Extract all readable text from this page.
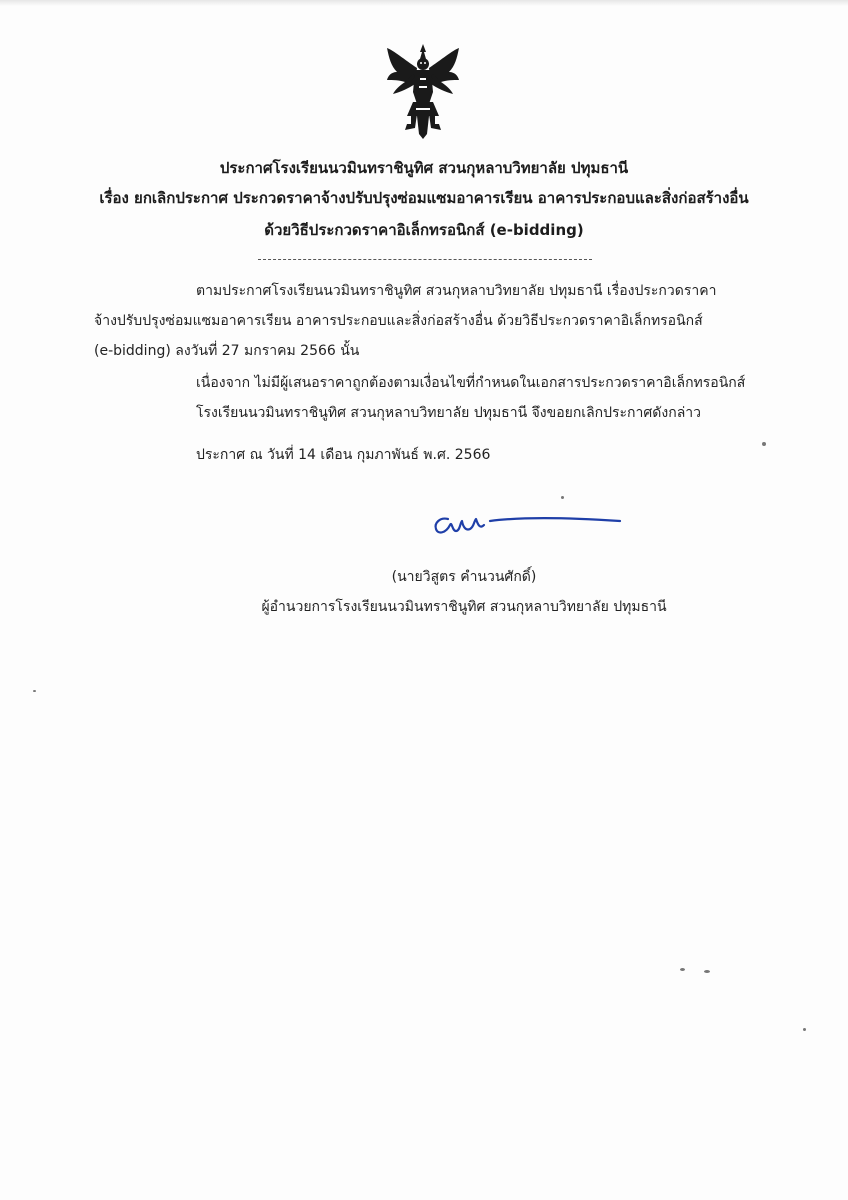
ประกาศโรงเรียนนวมินทราชินูทิศ สวนกุหลาบวิทยาลัย ปทุมธานี
เรื่อง ยกเลิกประกาศ ประกวดราคาจ้างปรับปรุงซ่อมแซมอาคารเรียน อาคารประกอบและสิ่งก่อสร้างอื่น
ด้วยวิธีประกวดราคาอิเล็กทรอนิกส์ (e-bidding)
ตามประกาศโรงเรียนนวมินทราชินูทิศ สวนกุหลาบวิทยาลัย ปทุมธานี เรื่องประกวดราคา
จ้างปรับปรุงซ่อมแซมอาคารเรียน อาคารประกอบและสิ่งก่อสร้างอื่น ด้วยวิธีประกวดราคาอิเล็กทรอนิกส์
(e-bidding) ลงวันที่ 27 มกราคม 2566 นั้น
เนื่องจาก ไม่มีผู้เสนอราคาถูกต้องตามเงื่อนไขที่กำหนดในเอกสารประกวดราคาอิเล็กทรอนิกส์
โรงเรียนนวมินทราชินูทิศ สวนกุหลาบวิทยาลัย ปทุมธานี จึงขอยกเลิกประกาศดังกล่าว
ประกาศ ณ วันที่ 14 เดือน กุมภาพันธ์ พ.ศ. 2566
(นายวิสูตร คำนวนศักดิ์)
ผู้อำนวยการโรงเรียนนวมินทราชินูทิศ สวนกุหลาบวิทยาลัย ปทุมธานี
